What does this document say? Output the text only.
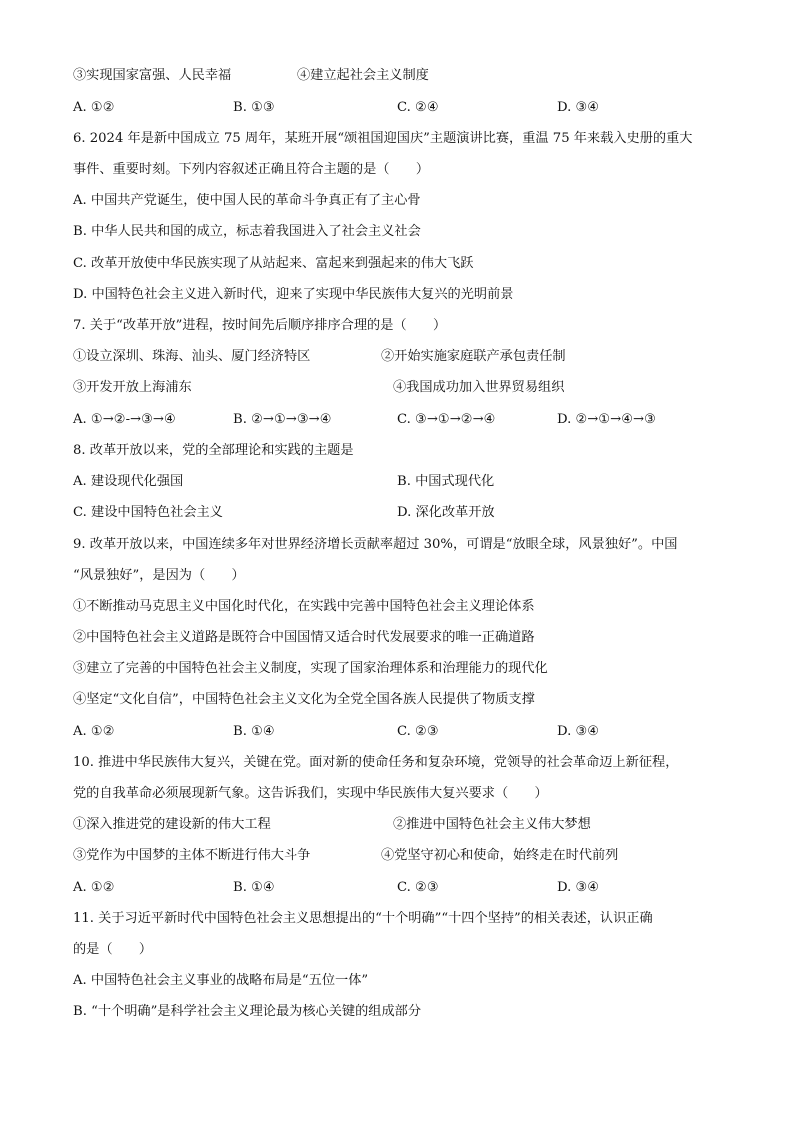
③实现国家富强、人民幸福	④建立起社会主义制度
A. ①②	B. ①③	C. ②④	D. ③④
6. 2024 年是新中国成立 75 周年，某班开展“颂祖国迎国庆”主题演讲比赛，重温 75 年来载入史册的重大
事件、重要时刻。下列内容叙述正确且符合主题的是（　　）
A. 中国共产党诞生，使中国人民的革命斗争真正有了主心骨
B. 中华人民共和国的成立，标志着我国进入了社会主义社会
C. 改革开放使中华民族实现了从站起来、富起来到强起来的伟大飞跃
D. 中国特色社会主义进入新时代，迎来了实现中华民族伟大复兴的光明前景
7. 关于“改革开放”进程，按时间先后顺序排序合理的是（　　）
①设立深圳、珠海、汕头、厦门经济特区	②开始实施家庭联产承包责任制
③开发开放上海浦东	④我国成功加入世界贸易组织
A. ①→②-→③→④	B. ②→①→③→④	C. ③→①→②→④	D. ②→①→④→③
8. 改革开放以来，党的全部理论和实践的主题是
A. 建设现代化强国	B. 中国式现代化
C. 建设中国特色社会主义	D. 深化改革开放
9. 改革开放以来，中国连续多年对世界经济增长贡献率超过 30%，可谓是“放眼全球，风景独好”。中国
“风景独好”，是因为（　　）
①不断推动马克思主义中国化时代化，在实践中完善中国特色社会主义理论体系
②中国特色社会主义道路是既符合中国国情又适合时代发展要求的唯一正确道路
③建立了完善的中国特色社会主义制度，实现了国家治理体系和治理能力的现代化
④坚定“文化自信”，中国特色社会主义文化为全党全国各族人民提供了物质支撑
A. ①②	B. ①④	C. ②③	D. ③④
10. 推进中华民族伟大复兴，关键在党。面对新的使命任务和复杂环境，党领导的社会革命迈上新征程，
党的自我革命必须展现新气象。这告诉我们，实现中华民族伟大复兴要求（　　）
①深入推进党的建设新的伟大工程	②推进中国特色社会主义伟大梦想
③党作为中国梦的主体不断进行伟大斗争	④党坚守初心和使命，始终走在时代前列
A. ①②	B. ①④	C. ②③	D. ③④
11. 关于习近平新时代中国特色社会主义思想提出的“十个明确”“十四个坚持”的相关表述，认识正确
的是（　　）
A. 中国特色社会主义事业的战略布局是“五位一体”
B. “十个明确”是科学社会主义理论最为核心关键的组成部分
